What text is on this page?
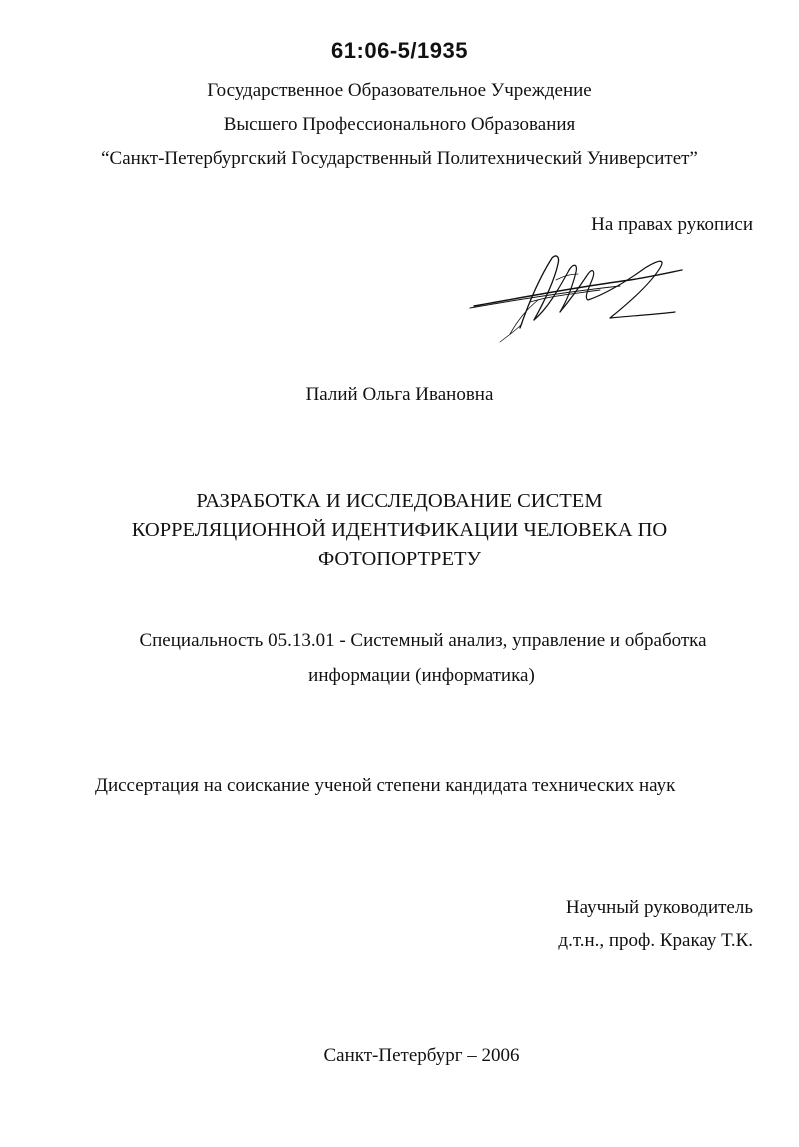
61:06-5/1935
Государственное Образовательное Учреждение
Высшего Профессионального Образования
“Санкт-Петербургский Государственный Политехнический Университет”
На правах рукописи
Палий Ольга Ивановна
РАЗРАБОТКА И ИССЛЕДОВАНИЕ СИСТЕМ
КОРРЕЛЯЦИОННОЙ ИДЕНТИФИКАЦИИ ЧЕЛОВЕКА ПО
ФОТОПОРТРЕТУ
Специальность 05.13.01 - Системный анализ, управление и обработка
информации (информатика)
Диссертация на соискание ученой степени кандидата технических наук
Научный руководитель
д.т.н., проф. Кракау Т.К.
Санкт-Петербург – 2006
